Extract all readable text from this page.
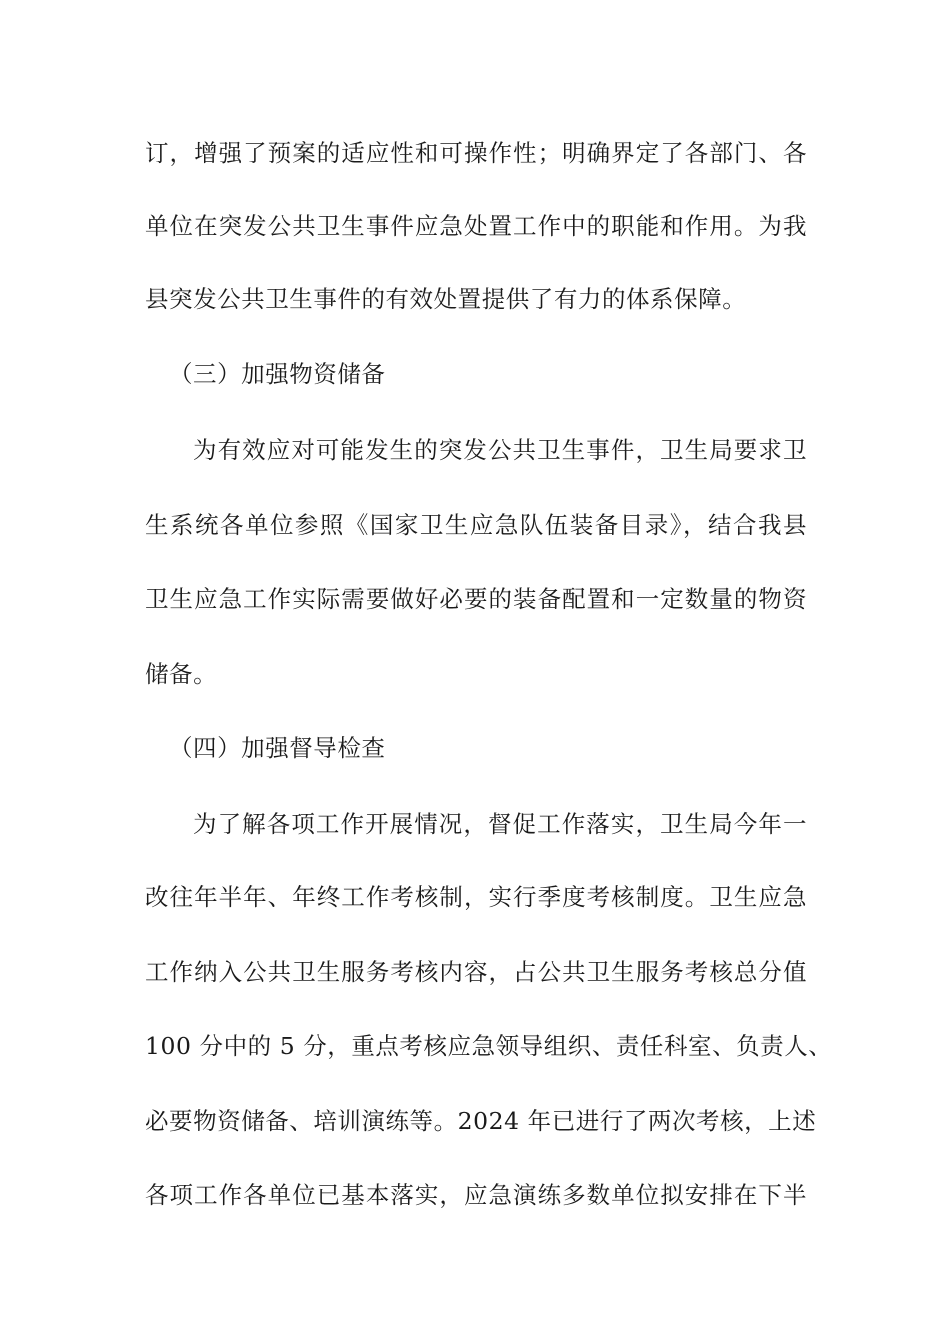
订，增强了预案的适应性和可操作性；明确界定了各部门、各
单位在突发公共卫生事件应急处置工作中的职能和作用。为我
县突发公共卫生事件的有效处置提供了有力的体系保障。
（三）加强物资储备
为有效应对可能发生的突发公共卫生事件，卫生局要求卫
生系统各单位参照《国家卫生应急队伍装备目录》，结合我县
卫生应急工作实际需要做好必要的装备配置和一定数量的物资
储备。
（四）加强督导检查
为了解各项工作开展情况，督促工作落实，卫生局今年一
改往年半年、年终工作考核制，实行季度考核制度。卫生应急
工作纳入公共卫生服务考核内容，占公共卫生服务考核总分值
100 分中的 5 分，重点考核应急领导组织、责任科室、负责人、
必要物资储备、培训演练等。2024 年已进行了两次考核，上述
各项工作各单位已基本落实，应急演练多数单位拟安排在下半
